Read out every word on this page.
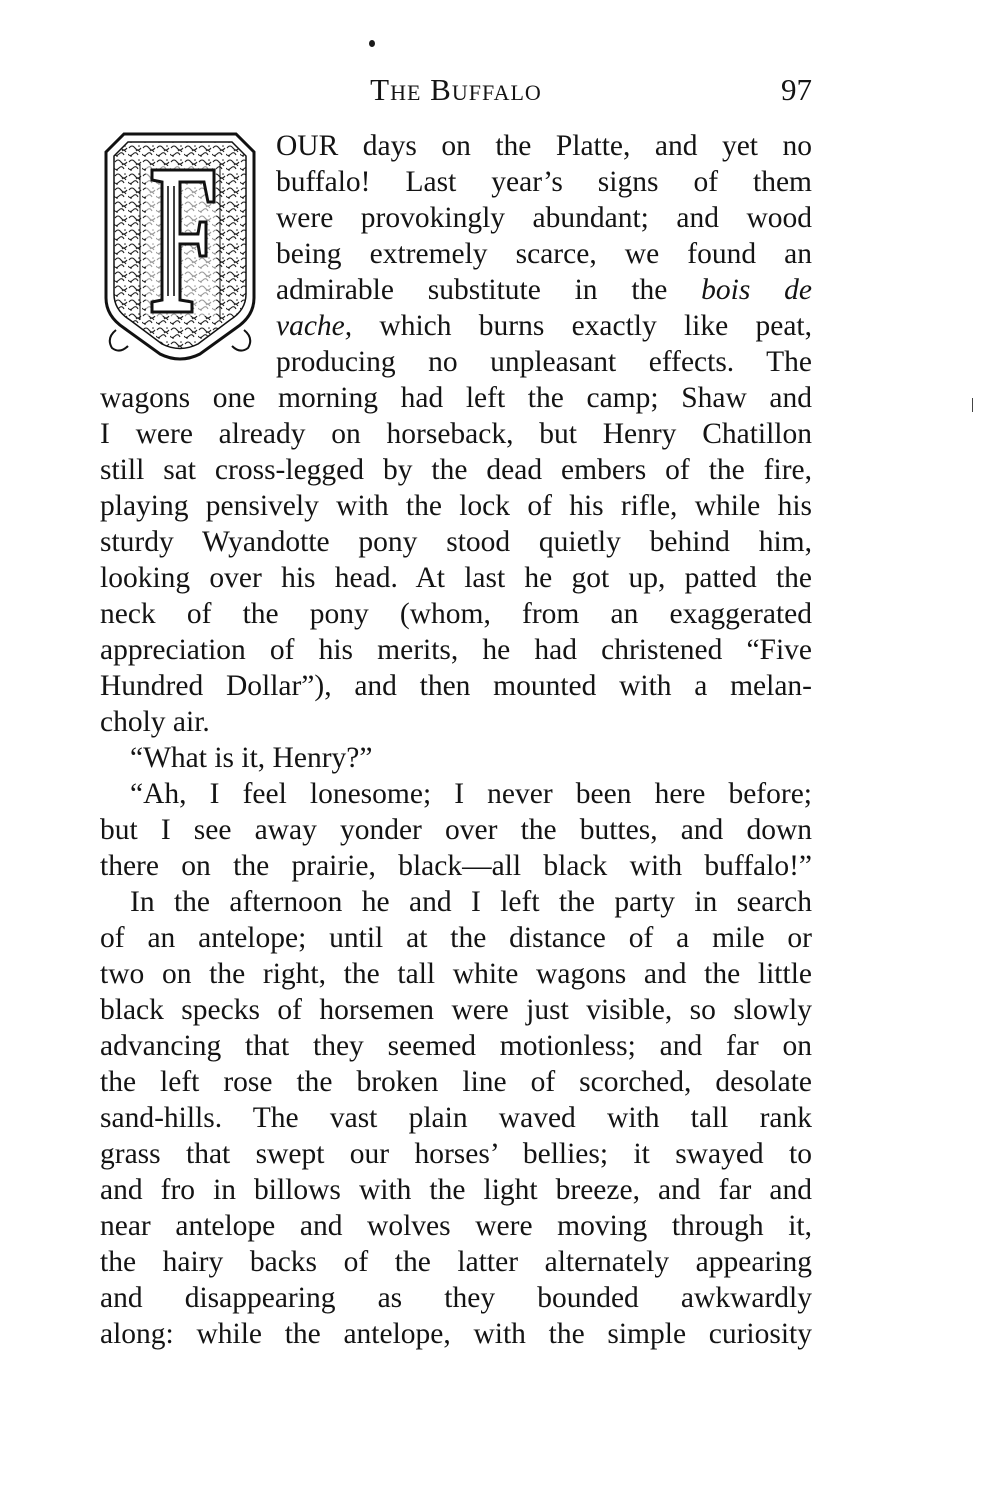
The Buffalo	97
OUR days on the Platte, and yet no
buffalo! Last year’s signs of them
were provokingly abundant; and wood
being extremely scarce, we found an
admirable substitute in the bois de
vache, which burns exactly like peat,
producing no unpleasant effects. The
wagons one morning had left the camp; Shaw and
I were already on horseback, but Henry Chatillon
still sat cross-legged by the dead embers of the fire,
playing pensively with the lock of his rifle, while his
sturdy Wyandotte pony stood quietly behind him,
looking over his head. At last he got up, patted the
neck of the pony (whom, from an exaggerated
appreciation of his merits, he had christened “Five
Hundred Dollar”), and then mounted with a melan-
choly air.
“What is it, Henry?”
“Ah, I feel lonesome; I never been here before;
but I see away yonder over the buttes, and down
there on the prairie, black—all black with buffalo!”
In the afternoon he and I left the party in search
of an antelope; until at the distance of a mile or
two on the right, the tall white wagons and the little
black specks of horsemen were just visible, so slowly
advancing that they seemed motionless; and far on
the left rose the broken line of scorched, desolate
sand-hills. The vast plain waved with tall rank
grass that swept our horses’ bellies; it swayed to
and fro in billows with the light breeze, and far and
near antelope and wolves were moving through it,
the hairy backs of the latter alternately appearing
and disappearing as they bounded awkwardly
along: while the antelope, with the simple curiosity
